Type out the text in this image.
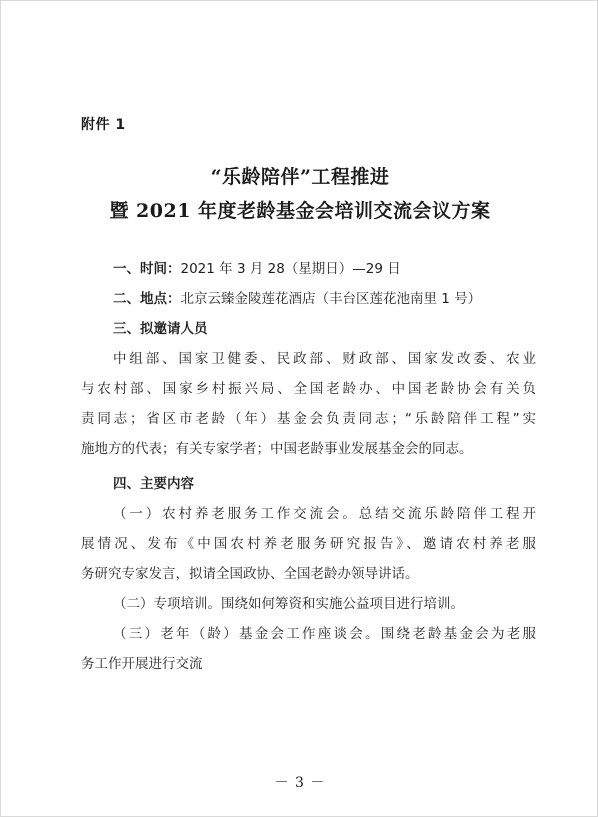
附件 1
“乐龄陪伴”工程推进
暨 2021 年度老龄基金会培训交流会议方案
一、时间：2021 年 3 月 28（星期日）—29 日
二、地点：北京云臻金陵莲花酒店（丰台区莲花池南里 1 号）
三、拟邀请人员
中组部、国家卫健委、民政部、财政部、国家发改委、农业
与农村部、国家乡村振兴局、全国老龄办、中国老龄协会有关负
责同志；省区市老龄（年）基金会负责同志；“乐龄陪伴工程”实
施地方的代表；有关专家学者；中国老龄事业发展基金会的同志。
四、主要内容
（一）农村养老服务工作交流会。总结交流乐龄陪伴工程开
展情况、发布《中国农村养老服务研究报告》、邀请农村养老服
务研究专家发言，拟请全国政协、全国老龄办领导讲话。
（二）专项培训。围绕如何筹资和实施公益项目进行培训。
（三）老年（龄）基金会工作座谈会。围绕老龄基金会为老服
务工作开展进行交流
－ 3 －
